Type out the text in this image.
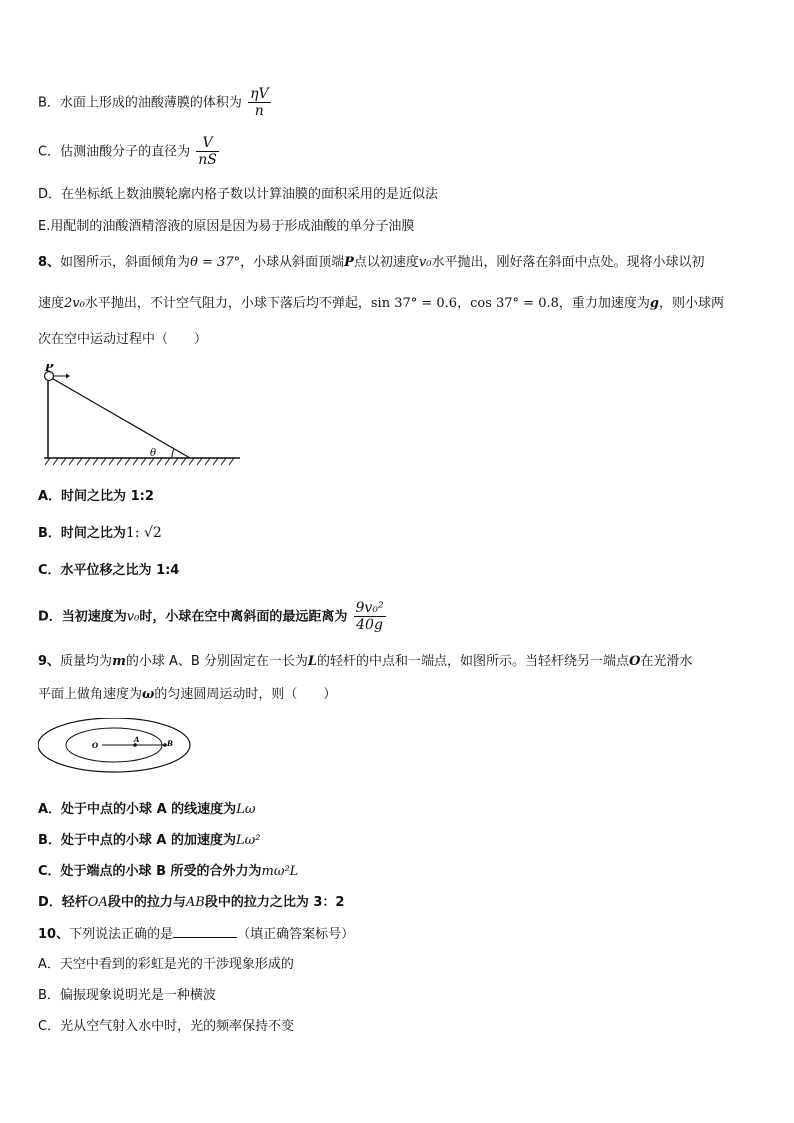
B．水面上形成的油酸薄膜的体积为 $\frac{\eta V}{n}$
C．估测油酸分子的直径为 $\frac{V}{nS}$
D．在坐标纸上数油膜轮廓内格子数以计算油膜的面积采用的是近似法
E.用配制的油酸酒精溶液的原因是因为易于形成油酸的单分子油膜
8、如图所示，斜面倾角为θ = 37°，小球从斜面顶端P点以初速度v₀水平抛出，刚好落在斜面中点处。现将小球以初
速度2v₀水平抛出，不计空气阻力，小球下落后均不弹起，sin 37° = 0.6，cos 37° = 0.8，重力加速度为g，则小球两
次在空中运动过程中（　　）
P
θ
A．时间之比为 1:2
B．时间之比为1: √2
C．水平位移之比为 1:4
D．当初速度为v₀时，小球在空中离斜面的最远距离为 $\frac{\text{9v₀²}}{40g}$
9、质量均为m的小球 A、B 分别固定在一长为L的轻杆的中点和一端点，如图所示。当轻杆绕另一端点O在光滑水
平面上做角速度为ω的匀速圆周运动时，则（　　）
O
A	B
A．处于中点的小球 A 的线速度为Lω
B．处于中点的小球 A 的加速度为Lω²
C．处于端点的小球 B 所受的合外力为mω²L
D．轻杆OA段中的拉力与AB段中的拉力之比为 3：2
10、下列说法正确的是	（填正确答案标号）
A．天空中看到的彩虹是光的干涉现象形成的
B．偏振现象说明光是一种横波
C．光从空气射入水中时，光的频率保持不变
